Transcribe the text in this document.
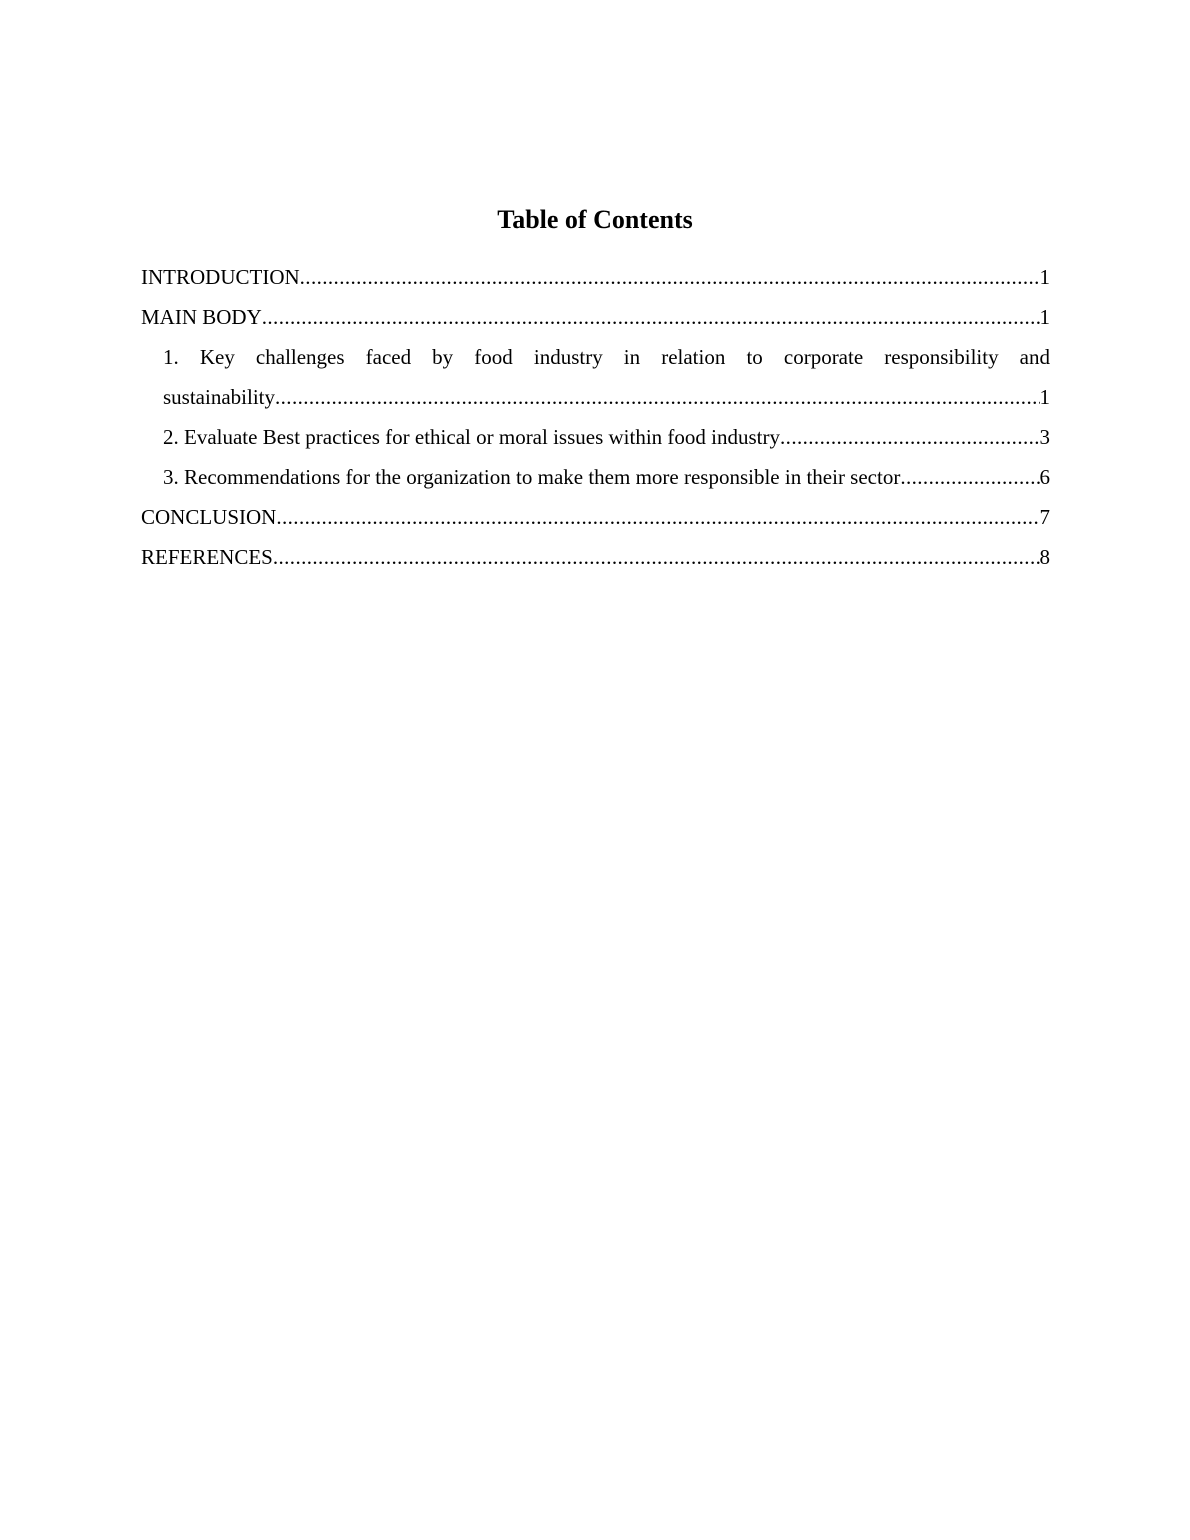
Table of Contents
INTRODUCTION .....	1
MAIN BODY .....	1
1. Key challenges faced by food industry in relation to corporate responsibility and
sustainability .....	1
2. Evaluate Best practices for ethical or moral issues within food industry .....	3
3. Recommendations for the organization to make them more responsible in their sector .....	6
CONCLUSION .....	7
REFERENCES .....	8
